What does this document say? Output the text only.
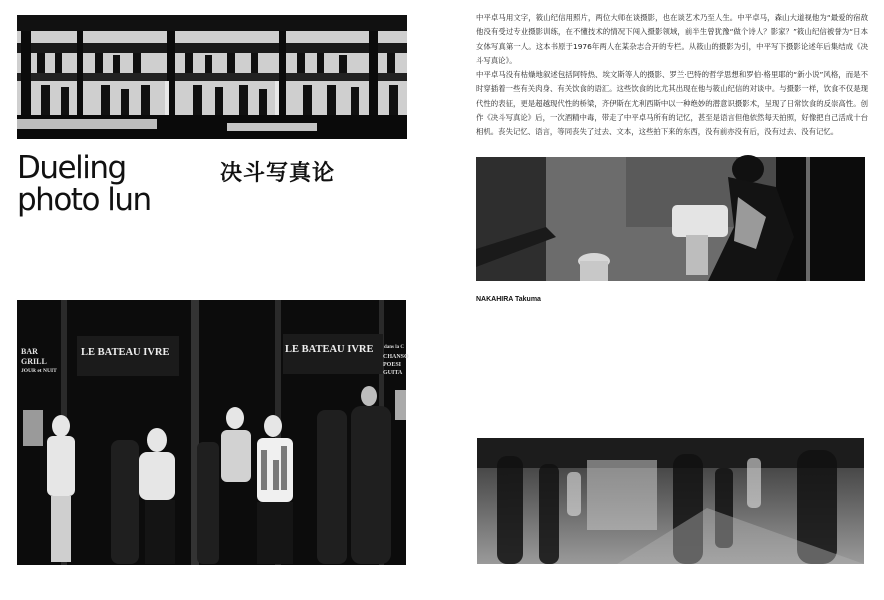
Dueling
photo lun
决斗写真论
LE BATEAU IVRE	LE BATEAU IVRE
BAR
GRILL
JOUR et NUIT
dans la C
CHANSO
POESI
GUITA

中平卓马用文字，筱山纪信用照片，两位大师在谈摄影，也在谈艺术乃至人生。中平卓马，森山大道视他为“最爱的宿敌他没有受过专业摄影训练，在不懂技术的情况下闯入摄影领域，前半生曾犹豫“做个诗人？影家？”筱山纪信被誉为“日本女体写真第一人。这本书原于1976年两人在某杂志合开的专栏。从筱山的摄影为引，中平写下摄影论述年后集结成《决斗写真论》。

中平卓马没有枯燥地叙述包括阿特热、埃文斯等人的摄影、罗兰·巴特的哲学思想和罗伯·格里耶的“新小说”风格，而是不时穿插着一些有关肉身、有关饮食的语汇。这些饮食的比尤其出现在他与筱山纪信的对谈中。与摄影一样，饮食不仅是现代性的表征，更是超越现代性的桥梁，齐伊斯在尤利西斯中以一种绝妙的潜意识摄影术，呈现了日常饮食的反崇高性。创作《决斗写真论》后，一次酒精中毒，带走了中平卓马所有的记忆，甚至是语言但他依然每天拍照，好像把自己活成十台相机。丧失记忆、语言，等同丧失了过去、文本，这些拍下来的东西，没有前亦没有后，没有过去、没有记忆。

NAKAHIRA Takuma
